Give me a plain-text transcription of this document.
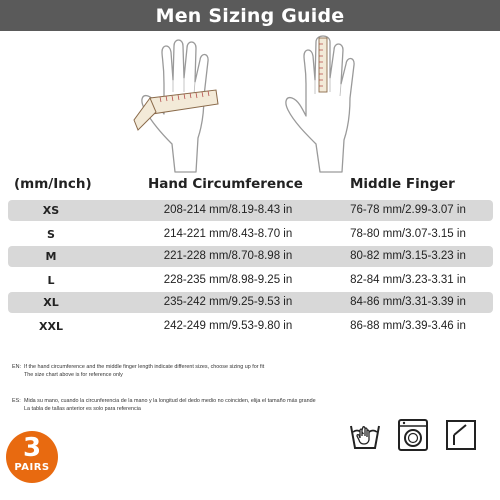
Men Sizing Guide
(mm/Inch)	Hand Circumference	Middle Finger
XS	208-214 mm/8.19-8.43 in	76-78 mm/2.99-3.07 in
S	214-221 mm/8.43-8.70 in	78-80 mm/3.07-3.15 in
M	221-228 mm/8.70-8.98 in	80-82 mm/3.15-3.23 in
L	228-235 mm/8.98-9.25 in	82-84 mm/3.23-3.31 in
XL	235-242 mm/9.25-9.53 in	84-86 mm/3.31-3.39 in
XXL	242-249 mm/9.53-9.80 in	86-88 mm/3.39-3.46 in
EN: If the hand circumference and the middle finger length indicate different sizes, choose sizing up for fit
The size chart above is for reference only
ES: Mida su mano, cuando la circunferencia de la mano y la longitud del dedo medio no coinciden, elija el tamaño más grande
La tabla de tallas anterior es solo para referencia
3
PAIRS
